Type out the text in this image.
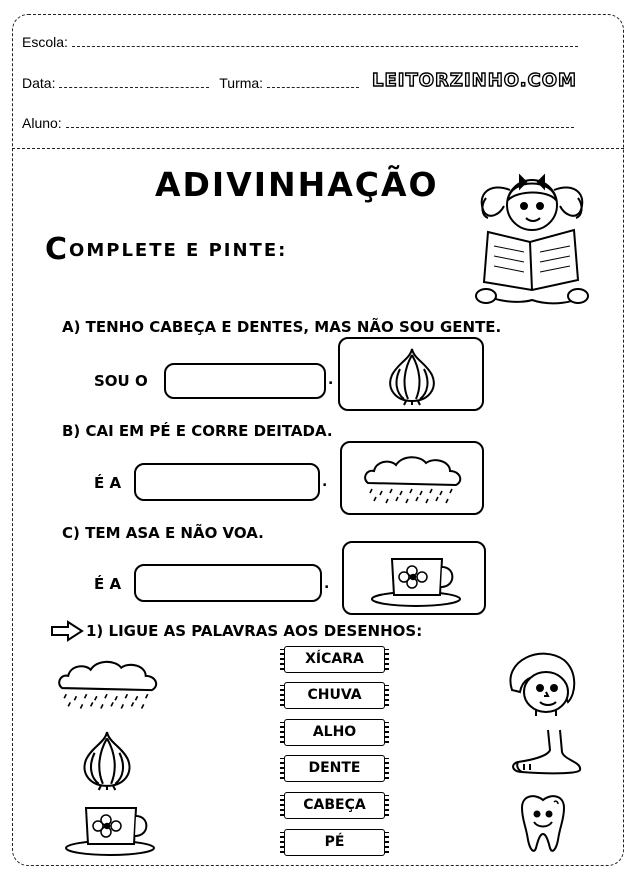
Escola:
Data:	Turma:	LEITORZINHO.COM
Aluno:
ADIVINHAÇÃO
COMPLETE E PINTE:
A) TENHO CABEÇA E DENTES, MAS NÃO SOU GENTE.
SOU O	.
B) CAI EM PÉ E CORRE DEITADA.
É A	.
C) TEM ASA E NÃO VOA.
É A	.
1) LIGUE AS PALAVRAS AOS DESENHOS:
XÍCARA
CHUVA
ALHO
DENTE
CABEÇA
PÉ
